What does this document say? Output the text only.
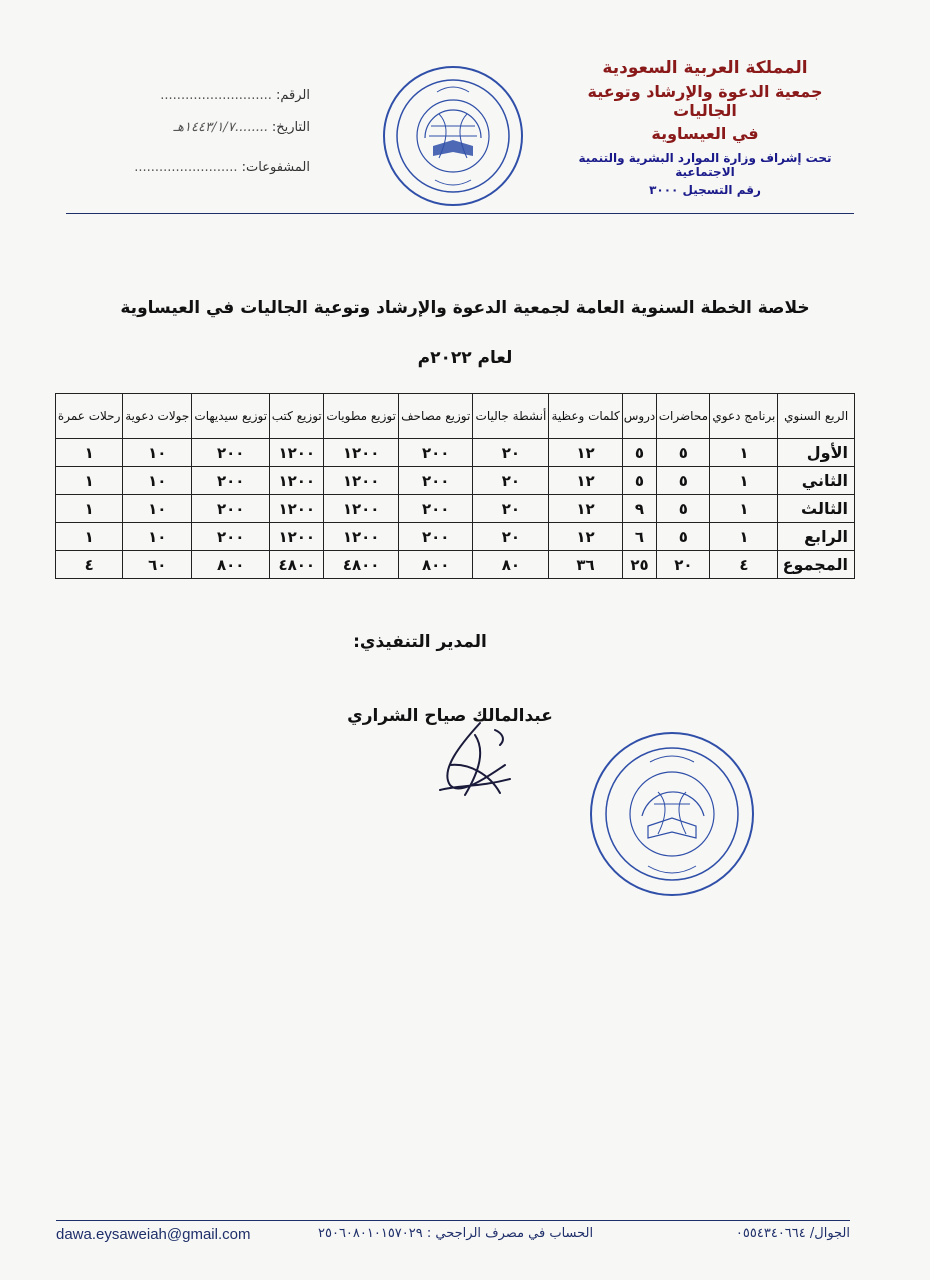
المملكة العربية السعودية
جمعية الدعوة والإرشاد وتوعية الجاليات
في العيساوية
تحت إشراف وزارة الموارد البشرية والتنمية الاجتماعية
رقم التسجيل ٣٠٠٠
الرقم: ...........................
التاريخ: ........١٤٤٣/١/٧هـ
المشفوعات: .........................
خلاصة الخطة السنوية العامة لجمعية الدعوة والإرشاد وتوعية الجاليات في العيساوية
لعام ٢٠٢٢م
الربع السنوي	برنامج دعوي	محاضرات	دروس	كلمات وعظية	أنشطة جاليات	توزيع مصاحف	توزيع مطويات	توزيع كتب	توزيع سيديهات	جولات دعوية	رحلات عمرة
الأول	١	٥	٥	١٢	٢٠	٢٠٠	١٢٠٠	١٢٠٠	٢٠٠	١٠	١
الثاني	١	٥	٥	١٢	٢٠	٢٠٠	١٢٠٠	١٢٠٠	٢٠٠	١٠	١
الثالث	١	٥	٩	١٢	٢٠	٢٠٠	١٢٠٠	١٢٠٠	٢٠٠	١٠	١
الرابع	١	٥	٦	١٢	٢٠	٢٠٠	١٢٠٠	١٢٠٠	٢٠٠	١٠	١
المجموع	٤	٢٠	٢٥	٣٦	٨٠	٨٠٠	٤٨٠٠	٤٨٠٠	٨٠٠	٦٠	٤
المدير التنفيذي:
عبدالمالك صياح الشراري
dawa.eysaweiah@gmail.com	الحساب في مصرف الراجحي : ٢٥٠٦٠٨٠١٠١٥٧٠٢٩	الجوال/ ٠٥٥٤٣٤٠٦٦٤
